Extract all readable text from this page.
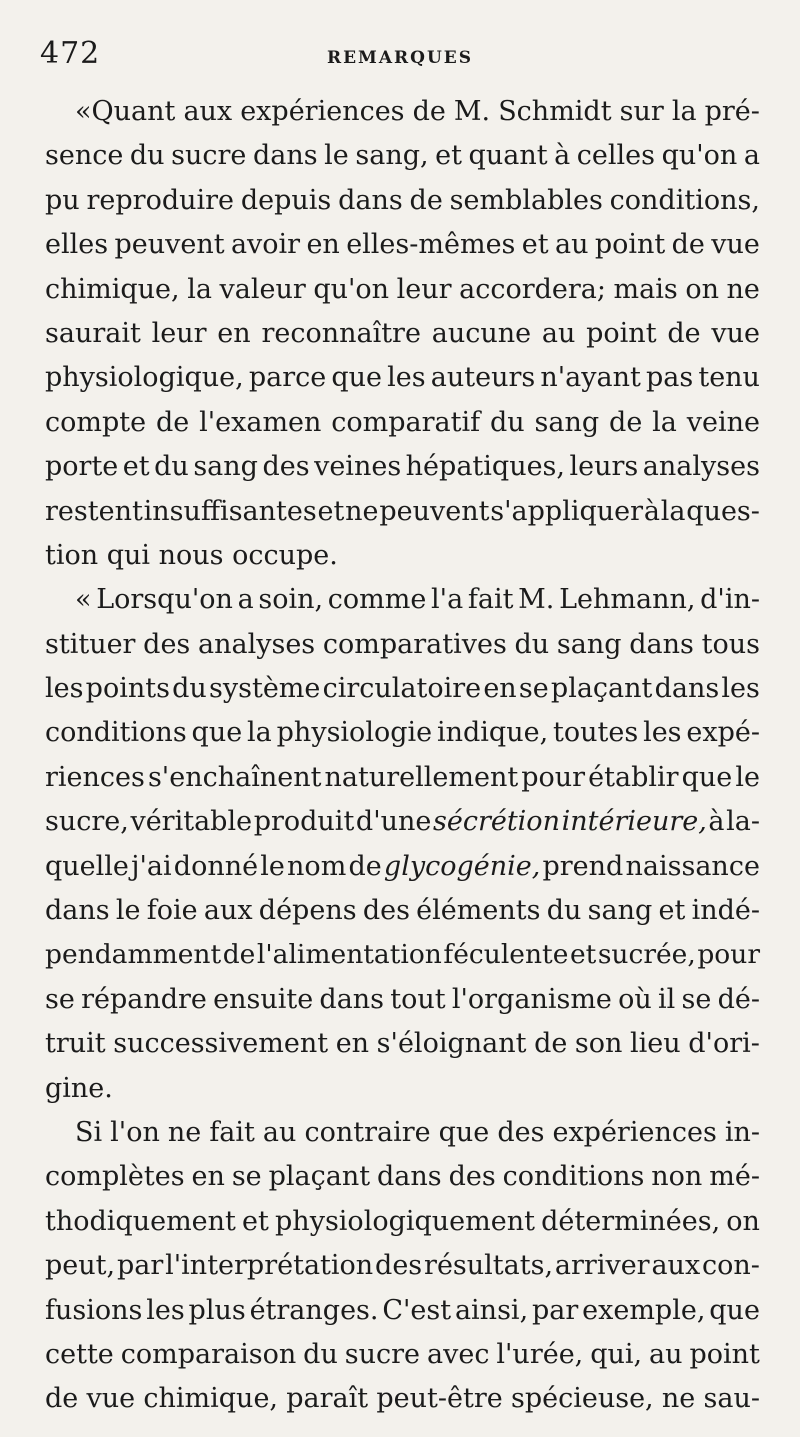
472	REMARQUES
«Quant aux expériences de M. Schmidt sur la pré-
sence du sucre dans le sang, et quant à celles qu'on a
pu reproduire depuis dans de semblables conditions,
elles peuvent avoir en elles-mêmes et au point de vue
chimique, la valeur qu'on leur accordera; mais on ne
saurait leur en reconnaître aucune au point de vue
physiologique, parce que les auteurs n'ayant pas tenu
compte de l'examen comparatif du sang de la veine
porte et du sang des veines hépatiques, leurs analyses
restent insuffisantes et ne peuvent s'appliquer à la ques-
tion qui nous occupe.
« Lorsqu'on a soin, comme l'a fait M. Lehmann, d'in-
stituer des analyses comparatives du sang dans tous
les points du système circulatoire en se plaçant dans les
conditions que la physiologie indique, toutes les expé-
riences s'enchaînent naturellement pour établir que le
sucre, véritable produit d'une sécrétion intérieure, à la-
quelle j'ai donné le nom de glycogénie, prend naissance
dans le foie aux dépens des éléments du sang et indé-
pendamment de l'alimentation féculente et sucrée, pour
se répandre ensuite dans tout l'organisme où il se dé-
truit successivement en s'éloignant de son lieu d'ori-
gine.
Si l'on ne fait au contraire que des expériences in-
complètes en se plaçant dans des conditions non mé-
thodiquement et physiologiquement déterminées, on
peut, par l'interprétation des résultats, arriver aux con-
fusions les plus étranges. C'est ainsi, par exemple, que
cette comparaison du sucre avec l'urée, qui, au point
de vue chimique, paraît peut-être spécieuse, ne sau-
